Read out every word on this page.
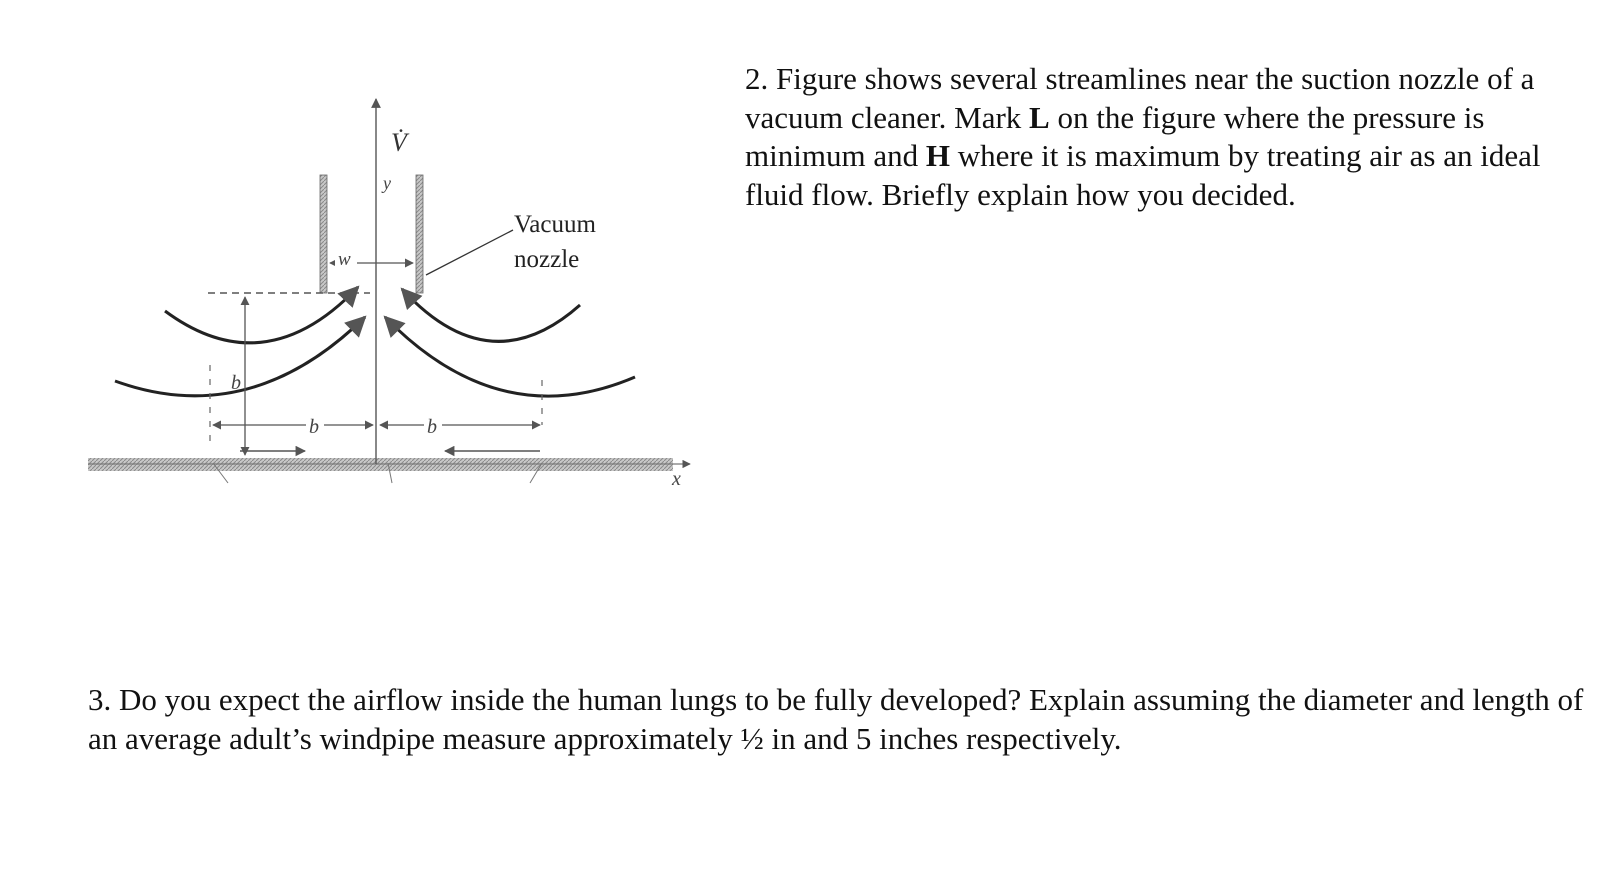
V̇
y
w
b
b	b
x
Vacuum
nozzle
2. Figure shows several streamlines near the suction nozzle of a vacuum cleaner. Mark L on the figure where the pressure is minimum and H where it is maximum by treating air as an ideal fluid flow. Briefly explain how you decided.
3. Do you expect the airflow inside the human lungs to be fully developed? Explain assuming the diameter and length of an average adult’s windpipe measure approximately ½ in and 5 inches respectively.
